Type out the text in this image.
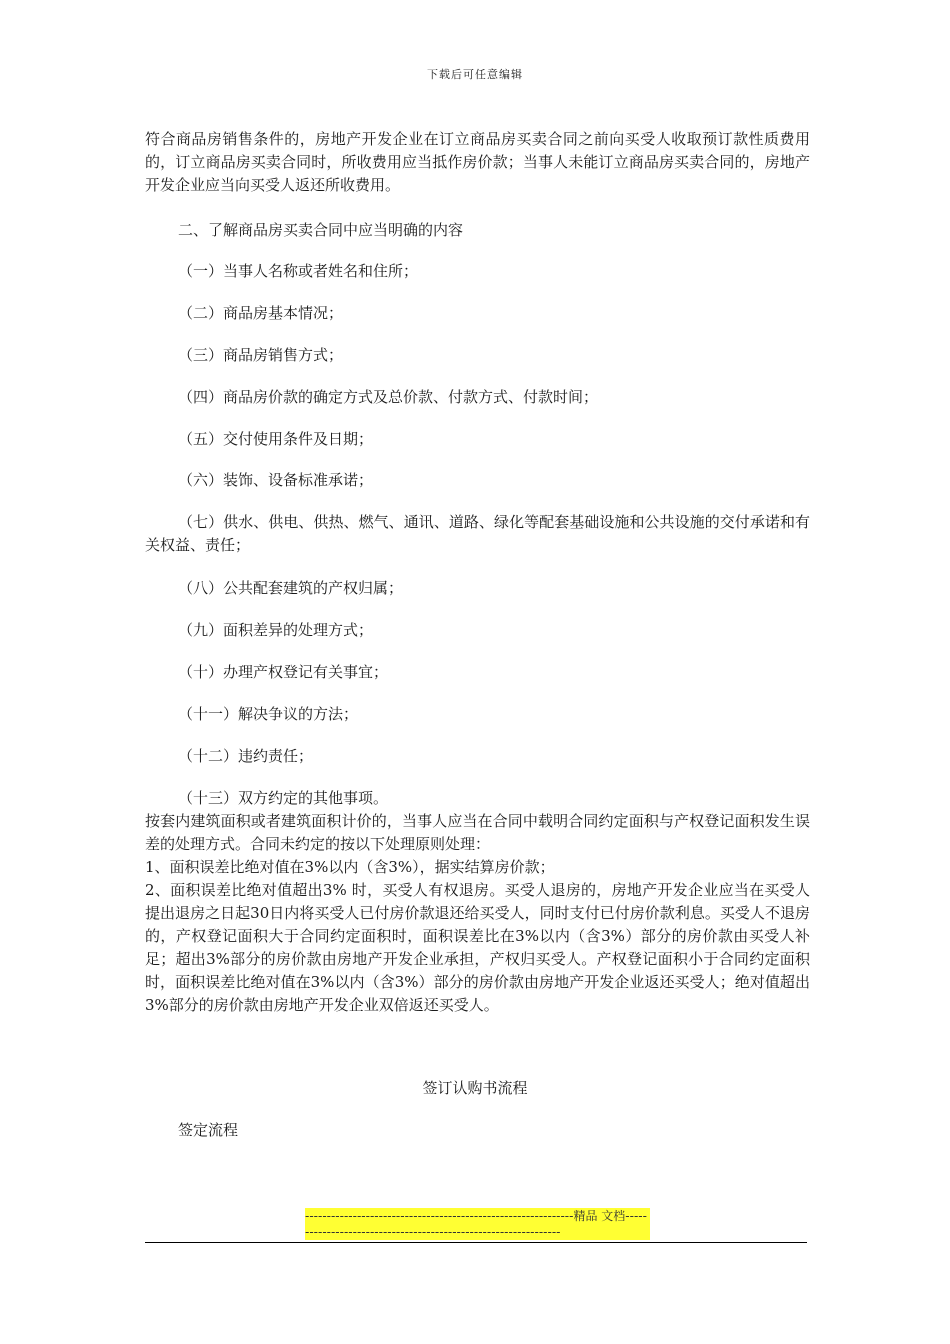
下载后可任意编辑

符合商品房销售条件的，房地产开发企业在订立商品房买卖合同之前向买受人收取预订款性质费用的，订立商品房买卖合同时，所收费用应当抵作房价款；当事人未能订立商品房买卖合同的，房地产开发企业应当向买受人返还所收费用。

二、了解商品房买卖合同中应当明确的内容

（一）当事人名称或者姓名和住所；

（二）商品房基本情况；

（三）商品房销售方式；

（四）商品房价款的确定方式及总价款、付款方式、付款时间；

（五）交付使用条件及日期；

（六）装饰、设备标准承诺；

（七）供水、供电、供热、燃气、通讯、道路、绿化等配套基础设施和公共设施的交付承诺和有关权益、责任；

（八）公共配套建筑的产权归属；

（九）面积差异的处理方式；

（十）办理产权登记有关事宜；

（十一）解决争议的方法；

（十二）违约责任；

（十三）双方约定的其他事项。

按套内建筑面积或者建筑面积计价的，当事人应当在合同中载明合同约定面积与产权登记面积发生误差的处理方式。合同未约定的按以下处理原则处理：

1、面积误差比绝对值在3%以内（含3%），据实结算房价款；

2、面积误差比绝对值超出3% 时，买受人有权退房。买受人退房的，房地产开发企业应当在买受人提出退房之日起30日内将买受人已付房价款退还给买受人，同时支付已付房价款利息。买受人不退房的，产权登记面积大于合同约定面积时，面积误差比在3%以内（含3%）部分的房价款由买受人补足；超出3%部分的房价款由房地产开发企业承担，产权归买受人。产权登记面积小于合同约定面积时，面积误差比绝对值在3%以内（含3%）部分的房价款由房地产开发企业返还买受人；绝对值超出3%部分的房价款由房地产开发企业双倍返还买受人。

签订认购书流程

签定流程

--------------------------------------------------------------精品 文档----------------------------------------------------------------
